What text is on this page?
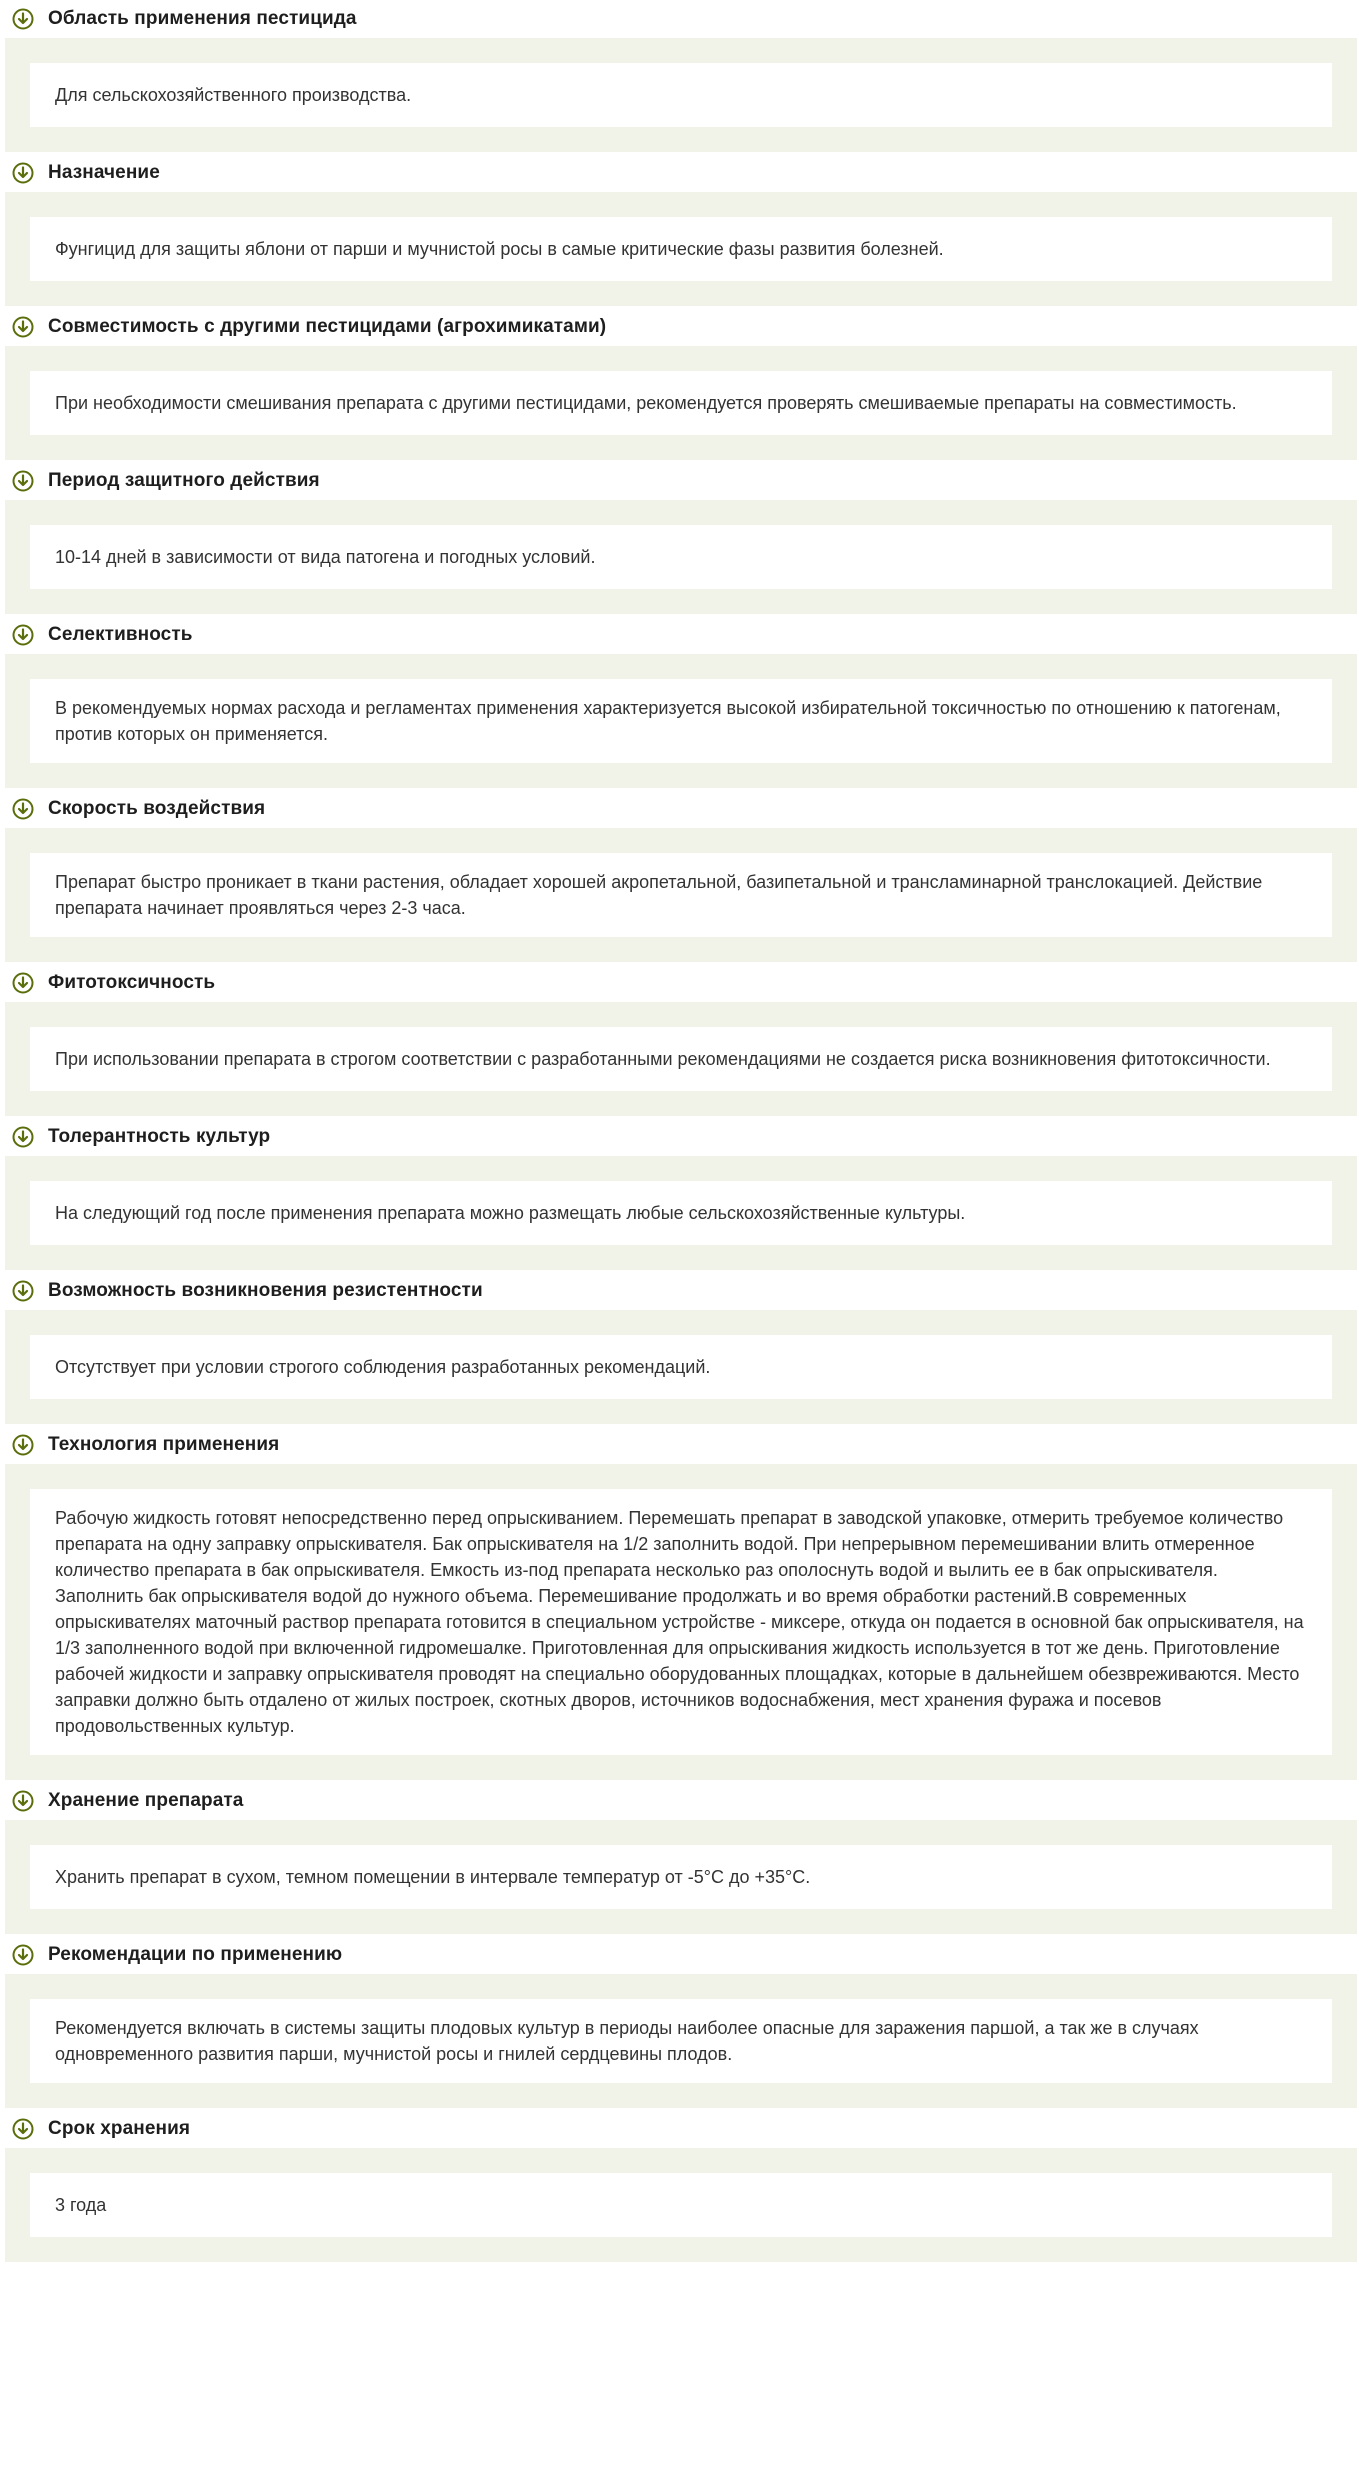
Область применения пестицида
Для сельскохозяйственного производства.
Назначение
Фунгицид для защиты яблони от парши и мучнистой росы в самые критические фазы развития болезней.
Совместимость с другими пестицидами (агрохимикатами)
При необходимости смешивания препарата с другими пестицидами, рекомендуется проверять смешиваемые препараты на совместимость.
Период защитного действия
10-14 дней в зависимости от вида патогена и погодных условий.
Селективность
В рекомендуемых нормах расхода и регламентах применения характеризуется высокой избирательной токсичностью по отношению к патогенам, против которых он применяется.
Скорость воздействия
Препарат быстро проникает в ткани растения, обладает хорошей акропетальной, базипетальной и трансламинарной транслокацией. Действие препарата начинает проявляться через 2-3 часа.
Фитотоксичность
При использовании препарата в строгом соответствии с разработанными рекомендациями не создается риска возникновения фитотоксичности.
Толерантность культур
На следующий год после применения препарата можно размещать любые сельскохозяйственные культуры.
Возможность возникновения резистентности
Отсутствует при условии строгого соблюдения разработанных рекомендаций.
Технология применения
Рабочую жидкость готовят непосредственно перед опрыскиванием. Перемешать препарат в заводской упаковке, отмерить требуемое количество препарата на одну заправку опрыскивателя. Бак опрыскивателя на 1/2 заполнить водой. При непрерывном перемешивании влить отмеренное количество препарата в бак опрыскивателя. Емкость из-под препарата несколько раз ополоснуть водой и вылить ее в бак опрыскивателя. Заполнить бак опрыскивателя водой до нужного объема. Перемешивание продолжать и во время обработки растений.В современных опрыскивателях маточный раствор препарата готовится в специальном устройстве - миксере, откуда он подается в основной бак опрыскивателя, на 1/3 заполненного водой при включенной гидромешалке. Приготовленная для опрыскивания жидкость используется в тот же день. Приготовление рабочей жидкости и заправку опрыскивателя проводят на специально оборудованных площадках, которые в дальнейшем обезвреживаются. Место заправки должно быть отдалено от жилых построек, скотных дворов, источников водоснабжения, мест хранения фуража и посевов продовольственных культур.
Хранение препарата
Хранить препарат в сухом, темном помещении в интервале температур от -5°С до +35°С.
Рекомендации по применению
Рекомендуется включать в системы защиты плодовых культур в периоды наиболее опасные для заражения паршой, а так же в случаях одновременного развития парши, мучнистой росы и гнилей сердцевины плодов.
Срок хранения
3 года
